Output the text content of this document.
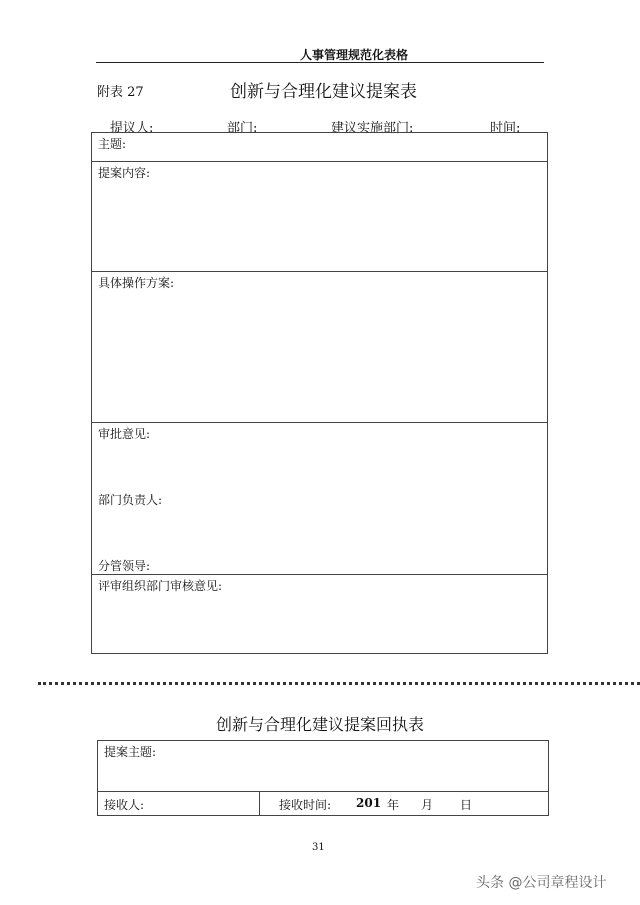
人事管理规范化表格
附表 27	创新与合理化建议提案表
提议人:	部门:	建议实施部门:	时间:
主题:
提案内容:
具体操作方案:
审批意见:
部门负责人:
分管领导:
评审组织部门审核意见:
创新与合理化建议提案回执表
提案主题:
接收人:	接收时间: 201 年 月 日
31
头条 @公司章程设计
